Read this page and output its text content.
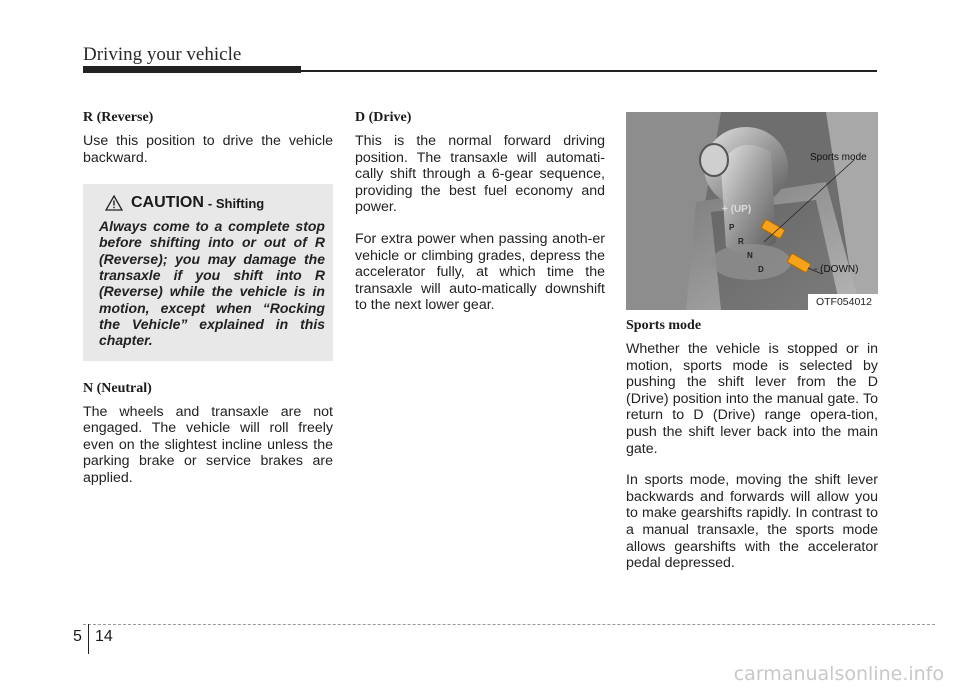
Driving your vehicle
R (Reverse)

Use this position to drive the vehicle backward.

CAUTION - Shifting

Always come to a complete stop before shifting into or out of R (Reverse); you may damage the transaxle if you shift into R (Reverse) while the vehicle is in motion, except when “Rocking the Vehicle” explained in this chapter.

N (Neutral)

The wheels and transaxle are not engaged. The vehicle will roll freely even on the slightest incline unless the parking brake or service brakes are applied.

D (Drive)

This is the normal forward driving position. The transaxle will automati-cally shift through a 6-gear sequence, providing the best fuel economy and power.

For extra power when passing anoth-er vehicle or climbing grades, depress the accelerator fully, at which time the transaxle will auto-matically downshift to the next lower gear.

P
R
N
D
Sports mode
+ (UP)
- (DOWN)
OTF054012
Sports mode

Whether the vehicle is stopped or in motion, sports mode is selected by pushing the shift lever from the D (Drive) position into the manual gate. To return to D (Drive) range opera-tion, push the shift lever back into the main gate.

In sports mode, moving the shift lever backwards and forwards will allow you to make gearshifts rapidly. In contrast to a manual transaxle, the sports mode allows gearshifts with the accelerator pedal depressed.

5 14
carmanualsonline.info
